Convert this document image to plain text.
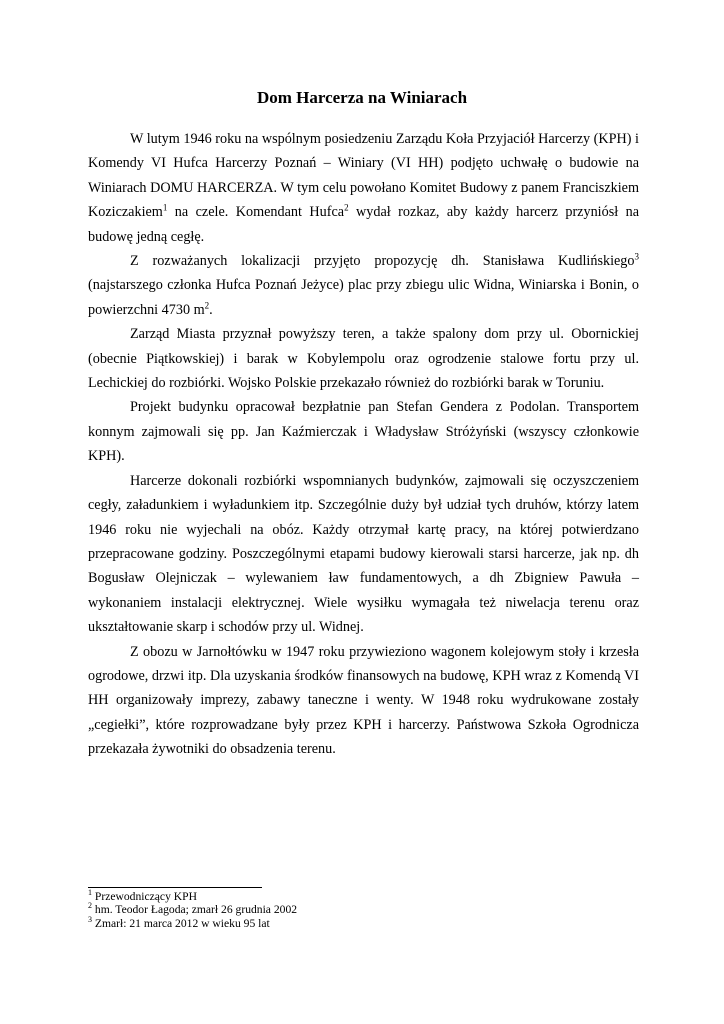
Dom Harcerza na Winiarach

W lutym 1946 roku na wspólnym posiedzeniu Zarządu Koła Przyjaciół Harcerzy (KPH) i Komendy VI Hufca Harcerzy Poznań – Winiary (VI HH) podjęto uchwałę o budowie na Winiarach DOMU HARCERZA. W tym celu powołano Komitet Budowy z panem Franciszkiem Koziczakiem$^1$ na czele. Komendant Hufca$^2$ wydał rozkaz, aby każdy harcerz przyniósł na budowę jedną cegłę.

Z rozważanych lokalizacji przyjęto propozycję dh. Stanisława Kudlińskiego$^3$ (najstarszego członka Hufca Poznań Jeżyce) plac przy zbiegu ulic Widna, Winiarska i Bonin, o powierzchni 4730 $m^2$.

Zarząd Miasta przyznał powyższy teren, a także spalony dom przy ul. Obornickiej (obecnie Piątkowskiej) i barak w Kobylempolu oraz ogrodzenie stalowe fortu przy ul. Lechickiej do rozbiórki. Wojsko Polskie przekazało również do rozbiórki barak w Toruniu.

Projekt budynku opracował bezpłatnie pan Stefan Gendera z Podolan. Transportem konnym zajmowali się pp. Jan Kaźmierczak i Władysław Stróżyński (wszyscy członkowie KPH).

Harcerze dokonali rozbiórki wspomnianych budynków, zajmowali się oczyszczeniem cegły, załadunkiem i wyładunkiem itp. Szczególnie duży był udział tych druhów, którzy latem 1946 roku nie wyjechali na obóz. Każdy otrzymał kartę pracy, na której potwierdzano przepracowane godziny. Poszczególnymi etapami budowy kierowali starsi harcerze, jak np. dh Bogusław Olejniczak – wylewaniem ław fundamentowych, a dh Zbigniew Pawuła – wykonaniem instalacji elektrycznej. Wiele wysiłku wymagała też niwelacja terenu oraz ukształtowanie skarp i schodów przy ul. Widnej.

Z obozu w Jarnołtówku w 1947 roku przywieziono wagonem kolejowym stoły i krzesła ogrodowe, drzwi itp. Dla uzyskania środków finansowych na budowę, KPH wraz z Komendą VI HH organizowały imprezy, zabawy taneczne i wenty. W 1948 roku wydrukowane zostały „cegiełki”, które rozprowadzane były przez KPH i harcerzy. Państwowa Szkoła Ogrodnicza przekazała żywotniki do obsadzenia terenu.

$^1$ Przewodniczący KPH

$^2$ hm. Teodor Łagoda; zmarł 26 grudnia 2002

$^3$ Zmarł: 21 marca 2012 w wieku 95 lat
